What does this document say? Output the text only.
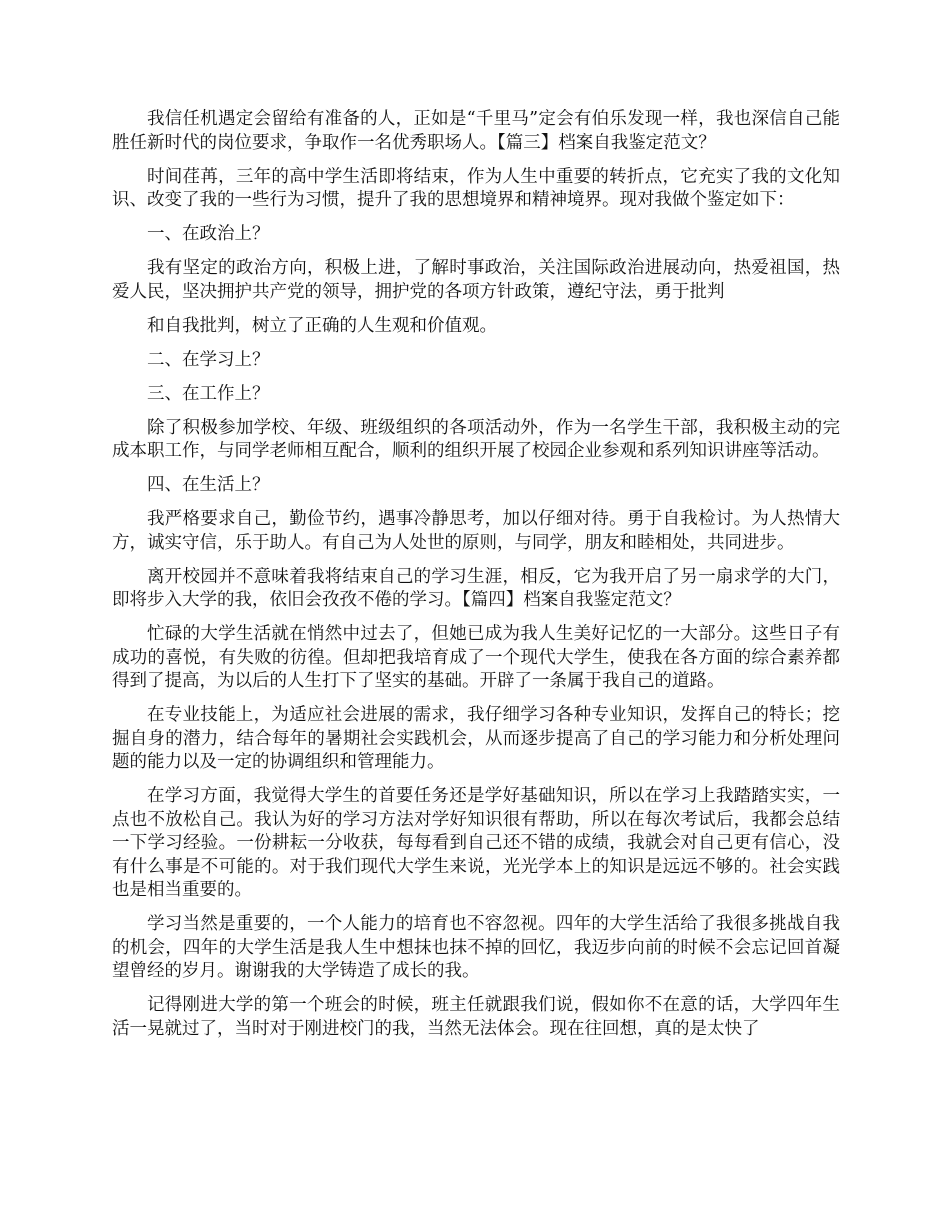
我信任机遇定会留给有准备的人，正如是“千里马”定会有伯乐发现一样，我也深信自己能胜任新时代的岗位要求，争取作一名优秀职场人。【篇三】档案自我鉴定范文？

时间荏苒，三年的高中学生活即将结束，作为人生中重要的转折点，它充实了我的文化知识、改变了我的一些行为习惯，提升了我的思想境界和精神境界。现对我做个鉴定如下：

一、在政治上？

我有坚定的政治方向，积极上进，了解时事政治，关注国际政治进展动向，热爱祖国，热爱人民，坚决拥护共产党的领导，拥护党的各项方针政策，遵纪守法，勇于批判

和自我批判，树立了正确的人生观和价值观。

二、在学习上？

三、在工作上？

除了积极参加学校、年级、班级组织的各项活动外，作为一名学生干部，我积极主动的完成本职工作，与同学老师相互配合，顺利的组织开展了校园企业参观和系列知识讲座等活动。

四、在生活上？

我严格要求自己，勤俭节约，遇事冷静思考，加以仔细对待。勇于自我检讨。为人热情大方，诚实守信，乐于助人。有自己为人处世的原则，与同学，朋友和睦相处，共同进步。

离开校园并不意味着我将结束自己的学习生涯，相反，它为我开启了另一扇求学的大门，即将步入大学的我，依旧会孜孜不倦的学习。【篇四】档案自我鉴定范文？

忙碌的大学生活就在悄然中过去了，但她已成为我人生美好记忆的一大部分。这些日子有成功的喜悦，有失败的彷徨。但却把我培育成了一个现代大学生，使我在各方面的综合素养都得到了提高，为以后的人生打下了坚实的基础。开辟了一条属于我自己的道路。

在专业技能上，为适应社会进展的需求，我仔细学习各种专业知识，发挥自己的特长；挖掘自身的潜力，结合每年的暑期社会实践机会，从而逐步提高了自己的学习能力和分析处理问题的能力以及一定的协调组织和管理能力。

在学习方面，我觉得大学生的首要任务还是学好基础知识，所以在学习上我踏踏实实，一点也不放松自己。我认为好的学习方法对学好知识很有帮助，所以在每次考试后，我都会总结一下学习经验。一份耕耘一分收获，每每看到自己还不错的成绩，我就会对自己更有信心，没有什么事是不可能的。对于我们现代大学生来说，光光学本上的知识是远远不够的。社会实践也是相当重要的。

学习当然是重要的，一个人能力的培育也不容忽视。四年的大学生活给了我很多挑战自我的机会，四年的大学生活是我人生中想抹也抹不掉的回忆，我迈步向前的时候不会忘记回首凝望曾经的岁月。谢谢我的大学铸造了成长的我。

记得刚进大学的第一个班会的时候，班主任就跟我们说，假如你不在意的话，大学四年生活一晃就过了，当时对于刚进校门的我，当然无法体会。现在往回想，真的是太快了
